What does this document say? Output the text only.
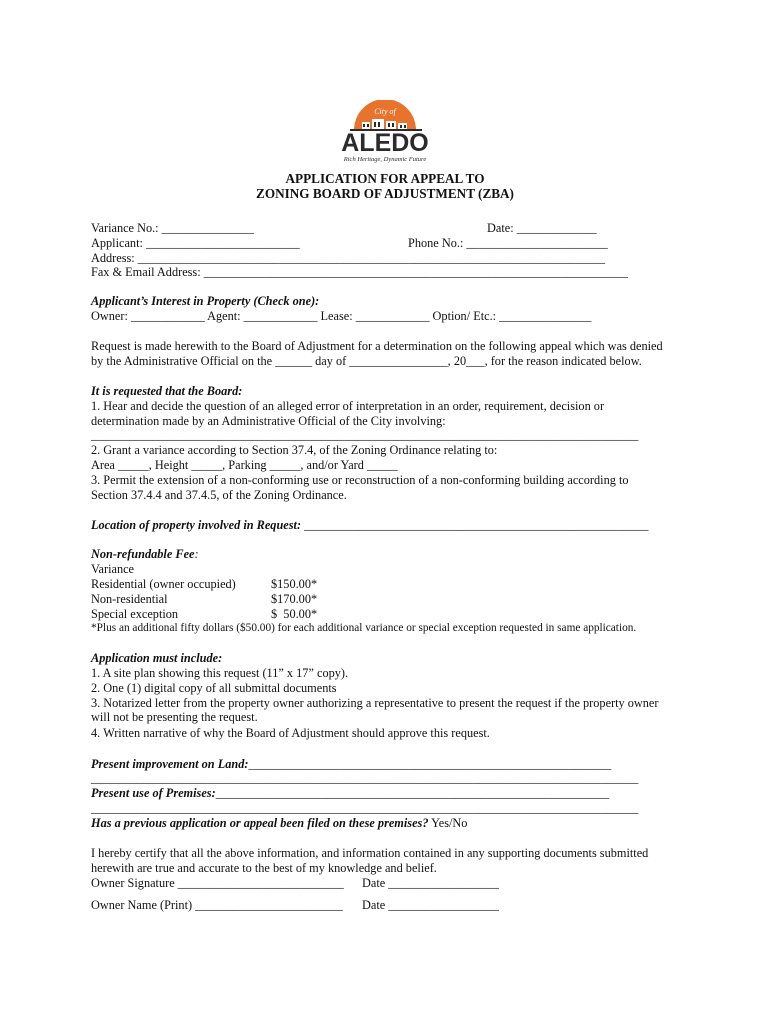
City of
ALEDO
Rich Heritage, Dynamic Future
APPLICATION FOR APPEAL TO
ZONING BOARD OF ADJUSTMENT (ZBA)
Variance No.: _______________	Date: _____________
Applicant: _________________________	Phone No.: _______________________
Address: ____________________________________________________________________________
Fax & Email Address: _____________________________________________________________________
Applicant’s Interest in Property (Check one):
Owner: ____________ Agent: ____________ Lease: ____________ Option/ Etc.: _______________
Request is made herewith to the Board of Adjustment for a determination on the following appeal which was denied
by the Administrative Official on the ______ day of ________________, 20___, for the reason indicated below.
It is requested that the Board:
1. Hear and decide the question of an alleged error of interpretation in an order, requirement, decision or
determination made by an Administrative Official of the City involving:
_________________________________________________________________________________________
2. Grant a variance according to Section 37.4, of the Zoning Ordinance relating to:
Area _____, Height _____, Parking _____, and/or Yard _____
3. Permit the extension of a non-conforming use or reconstruction of a non-conforming building according to
Section 37.4.4 and 37.4.5, of the Zoning Ordinance.
Location of property involved in Request: ________________________________________________________
Non-refundable Fee:
Variance
Residential (owner occupied)	$150.00*
Non-residential	$170.00*
Special exception	$  50.00*
*Plus an additional fifty dollars ($50.00) for each additional variance or special exception requested in same application.
Application must include:
1. A site plan showing this request (11” x 17” copy).
2. One (1) digital copy of all submittal documents
3. Notarized letter from the property owner authorizing a representative to present the request if the property owner
will not be presenting the request.
4. Written narrative of why the Board of Adjustment should approve this request.
Present improvement on Land:___________________________________________________________
_________________________________________________________________________________________
Present use of Premises:________________________________________________________________
_________________________________________________________________________________________
Has a previous application or appeal been filed on these premises? Yes/No
I hereby certify that all the above information, and information contained in any supporting documents submitted
herewith are true and accurate to the best of my knowledge and belief.
Owner Signature ___________________________ Date __________________
Owner Name (Print) ________________________ Date __________________
